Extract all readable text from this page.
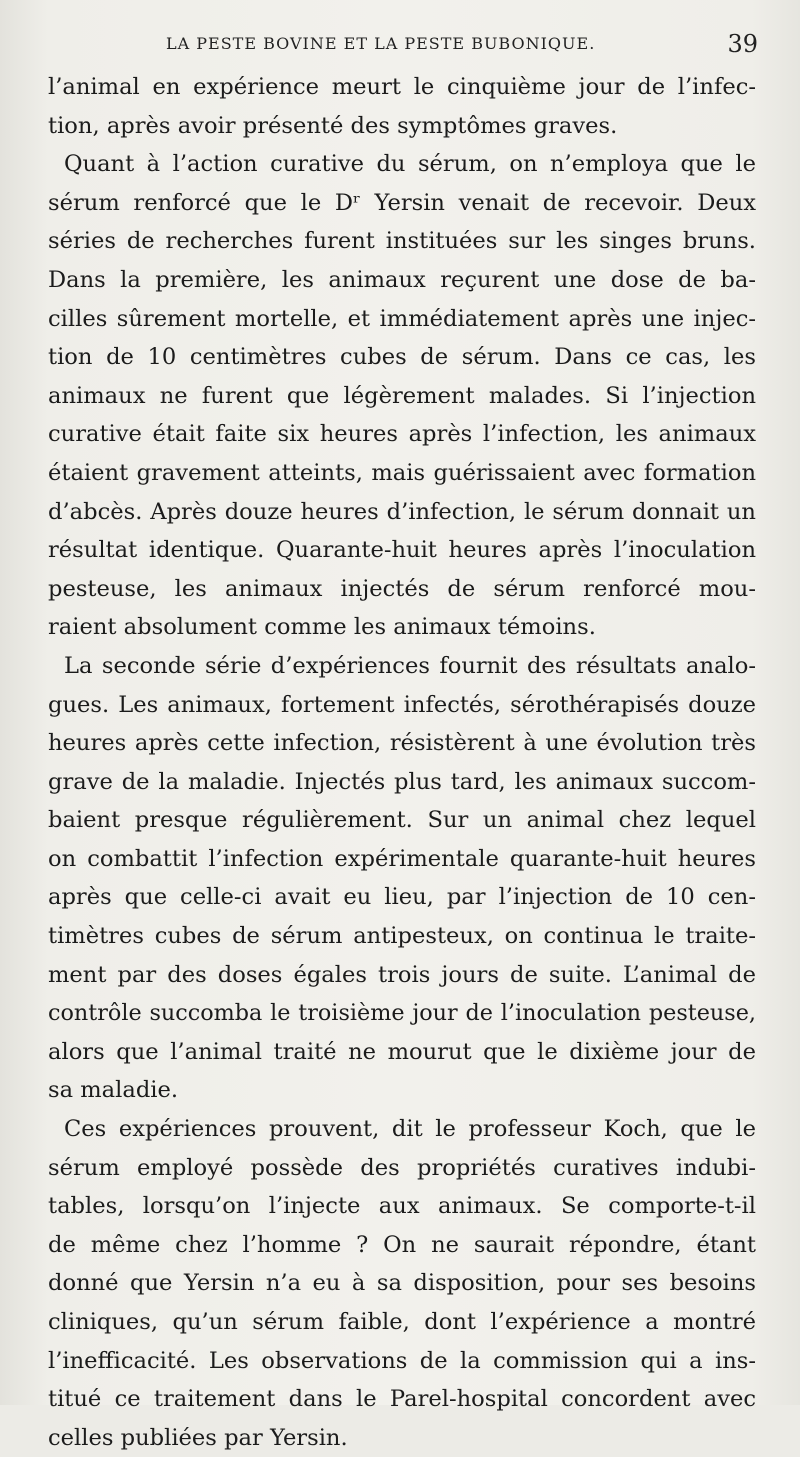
LA PESTE BOVINE ET LA PESTE BUBONIQUE.	39

l’animal en expérience meurt le cinquième jour de l’infec-
tion, après avoir présenté des symptômes graves.

Quant à l’action curative du sérum, on n’employa que le
sérum renforcé que le Dʳ Yersin venait de recevoir. Deux
séries de recherches furent instituées sur les singes bruns.
Dans la première, les animaux reçurent une dose de ba-
cilles sûrement mortelle, et immédiatement après une injec-
tion de 10 centimètres cubes de sérum. Dans ce cas, les
animaux ne furent que légèrement malades. Si l’injection
curative était faite six heures après l’infection, les animaux
étaient gravement atteints, mais guérissaient avec formation
d’abcès. Après douze heures d’infection, le sérum donnait un
résultat identique. Quarante-huit heures après l’inoculation
pesteuse, les animaux injectés de sérum renforcé mou-
raient absolument comme les animaux témoins.

La seconde série d’expériences fournit des résultats analo-
gues. Les animaux, fortement infectés, sérothérapisés douze
heures après cette infection, résistèrent à une évolution très
grave de la maladie. Injectés plus tard, les animaux succom-
baient presque régulièrement. Sur un animal chez lequel
on combattit l’infection expérimentale quarante-huit heures
après que celle-ci avait eu lieu, par l’injection de 10 cen-
timètres cubes de sérum antipesteux, on continua le traite-
ment par des doses égales trois jours de suite. L’animal de
contrôle succomba le troisième jour de l’inoculation pesteuse,
alors que l’animal traité ne mourut que le dixième jour de
sa maladie.

Ces expériences prouvent, dit le professeur Koch, que le
sérum employé possède des propriétés curatives indubi-
tables, lorsqu’on l’injecte aux animaux. Se comporte-t-il
de même chez l’homme ? On ne saurait répondre, étant
donné que Yersin n’a eu à sa disposition, pour ses besoins
cliniques, qu’un sérum faible, dont l’expérience a montré
l’inefficacité. Les observations de la commission qui a ins-
titué ce traitement dans le Parel-hospital concordent avec
celles publiées par Yersin.
